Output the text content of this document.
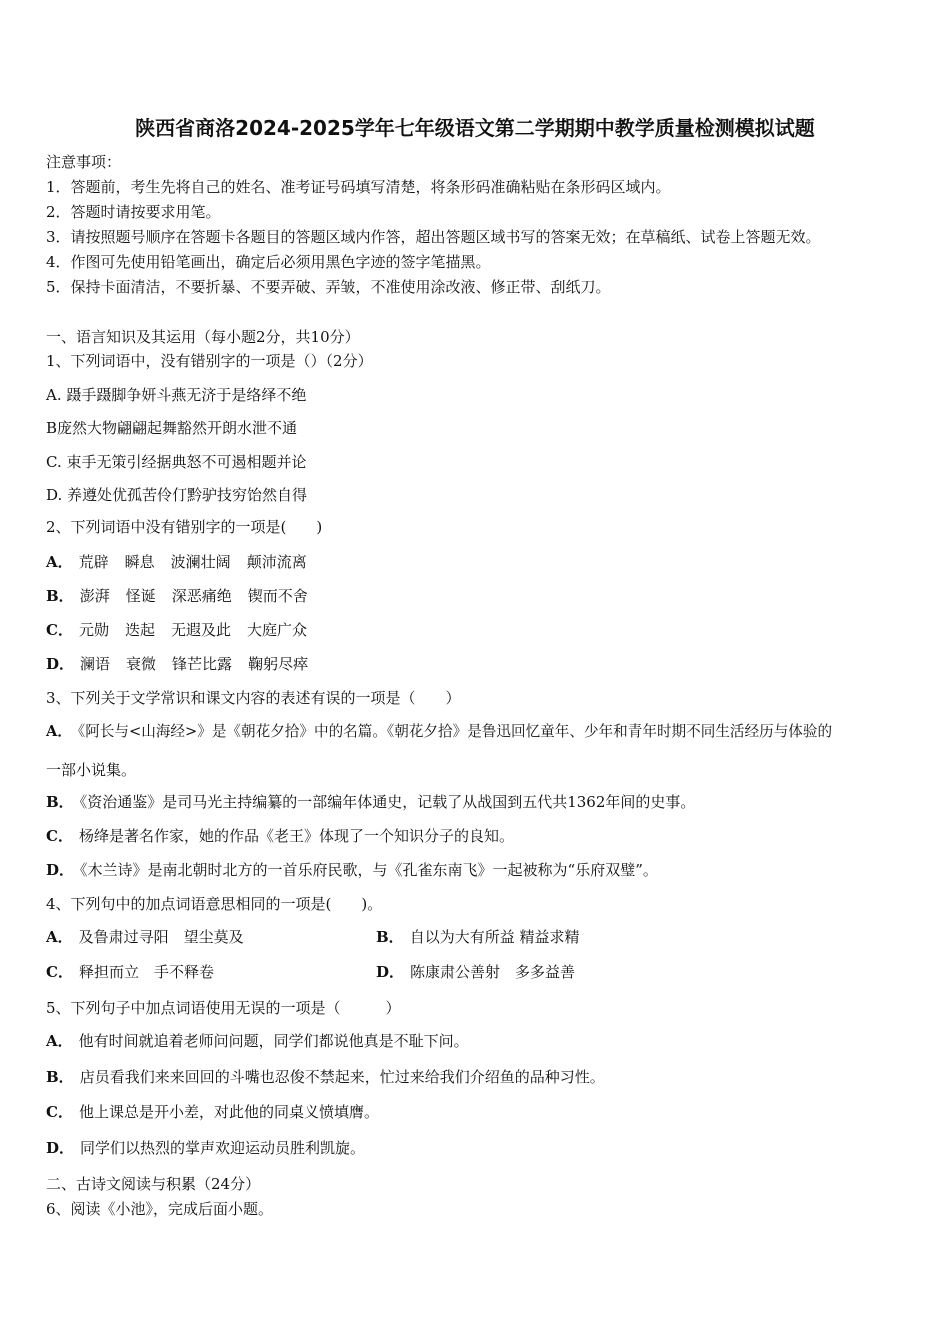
陕西省商洛2024-2025学年七年级语文第二学期期中教学质量检测模拟试题
注意事项：
1．答题前，考生先将自己的姓名、准考证号码填写清楚，将条形码准确粘贴在条形码区域内。
2．答题时请按要求用笔。
3．请按照题号顺序在答题卡各题目的答题区域内作答，超出答题区域书写的答案无效；在草稿纸、试卷上答题无效。
4．作图可先使用铅笔画出，确定后必须用黑色字迹的签字笔描黑。
5．保持卡面清洁，不要折暴、不要弄破、弄皱，不准使用涂改液、修正带、刮纸刀。
一、语言知识及其运用（每小题2分，共10分）
1、下列词语中，没有错别字的一项是（）（2分）
A. 蹑手蹑脚争妍斗燕无济于是络绎不绝
B庞然大物翩翩起舞豁然开朗水泄不通
C. 束手无策引经据典怒不可遏相题并论
D. 养遵处优孤苦伶仃黔驴技穷饴然自得
2、下列词语中没有错别字的一项是(　　)
A． 荒辟 瞬息 波澜壮阔 颠沛流离
B． 澎湃 怪诞 深恶痛绝 锲而不舍
C． 元勋 迭起 无遐及此 大庭广众
D． 澜语 衰微 锋芒比露 鞠躬尽瘁
3、下列关于文学常识和课文内容的表述有误的一项是（　　）
A． 《阿长与<山海经>》是《朝花夕拾》中的名篇。《朝花夕拾》是鲁迅回忆童年、少年和青年时期不同生活经历与体验的
一部小说集。
B． 《资治通鉴》是司马光主持编纂的一部编年体通史，记载了从战国到五代共1362年间的史事。
C． 杨绛是著名作家，她的作品《老王》体现了一个知识分子的良知。
D． 《木兰诗》是南北朝时北方的一首乐府民歌，与《孔雀东南飞》一起被称为“乐府双璧”。
4、下列句中的加点词语意思相同的一项是(　　)。
A． 及鲁肃过寻阳　望尘莫及	B． 自以为大有所益 精益求精
C． 释担而立　手不释卷	D． 陈康肃公善射　多多益善
5、下列句子中加点词语使用无误的一项是（　　　）
A． 他有时间就追着老师问问题，同学们都说他真是不耻下问。
B． 店员看我们来来回回的斗嘴也忍俊不禁起来，忙过来给我们介绍鱼的品种习性。
C． 他上课总是开小差，对此他的同桌义愤填膺。
D． 同学们以热烈的掌声欢迎运动员胜利凯旋。
二、古诗文阅读与积累（24分）
6、阅读《小池》，完成后面小题。
